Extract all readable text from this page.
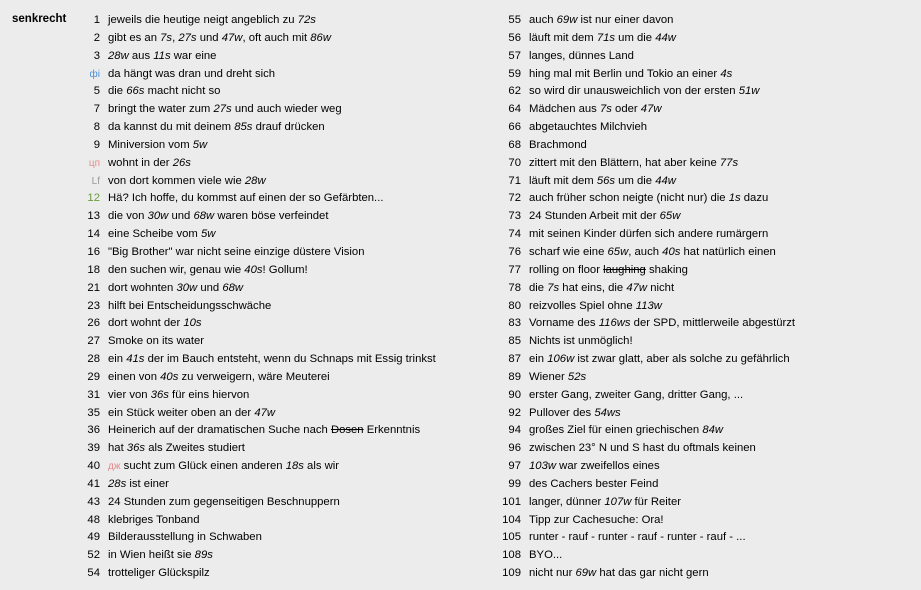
senkrecht	1 jeweils die heutige neigt angeblich zu 72s
2 gibt es an 7s, 27s und 47w, oft auch mit 86w
3 28w aus 11s war eine
фі da hängt was dran und dreht sich
5 die 66s macht nicht so
7 bringt the water zum 27s und auch wieder weg
8 da kannst du mit deinem 85s drauf drücken
9 Miniversion vom 5w
цп wohnt in der 26s
Lf von dort kommen viele wie 28w
12 Hä? Ich hoffe, du kommst auf einen der so Gefärbten...
13 die von 30w und 68w waren böse verfeindet
14 eine Scheibe vom 5w
16 "Big Brother" war nicht seine einzige düstere Vision
18 den suchen wir, genau wie 40s! Gollum!
21 dort wohnten 30w und 68w
23 hilft bei Entscheidungsschwäche
26 dort wohnt der 10s
27 Smoke on its water
28 ein 41s der im Bauch entsteht, wenn du Schnaps mit Essig trinkst
29 einen von 40s zu verweigern, wäre Meuterei
31 vier von 36s für eins hiervon
35 ein Stück weiter oben an der 47w
36 Heinerich auf der dramatischen Suche nach Dosen Erkenntnis
39 hat 36s als Zweites studiert
40 дж sucht zum Glück einen anderen 18s als wir
41 28s ist einer
43 24 Stunden zum gegenseitigen Beschnuppern
48 klebriges Tonband
49 Bilderausstellung in Schwaben
52 in Wien heißt sie 89s
54 trotteliger Glückspilz
55 auch 69w ist nur einer davon
56 läuft mit dem 71s um die 44w
57 langes, dünnes Land
59 hing mal mit Berlin und Tokio an einer 4s
62 so wird dir unausweichlich von der ersten 51w
64 Mädchen aus 7s oder 47w
66 abgetauchtes Milchvieh
68 Brachmond
70 zittert mit den Blättern, hat aber keine 77s
71 läuft mit dem 56s um die 44w
72 auch früher schon neigte (nicht nur) die 1s dazu
73 24 Stunden Arbeit mit der 65w
74 mit seinen Kinder dürfen sich andere rumärgern
76 scharf wie eine 65w, auch 40s hat natürlich einen
77 rolling on floor laughing shaking
78 die 7s hat eins, die 47w nicht
80 reizvolles Spiel ohne 113w
83 Vorname des 116ws der SPD, mittlerweile abgestürzt
85 Nichts ist unmöglich!
87 ein 106w ist zwar glatt, aber als solche zu gefährlich
89 Wiener 52s
90 erster Gang, zweiter Gang, dritter Gang, ...
92 Pullover des 54ws
94 großes Ziel für einen griechischen 84w
96 zwischen 23° N und S hast du oftmals keinen
97 103w war zweifellos eines
99 des Cachers bester Feind
101 langer, dünner 107w für Reiter
104 Tipp zur Cachesuche: Ora!
105 runter - rauf - runter - rauf - runter - rauf - ...
108 BYO...
109 nicht nur 69w hat das gar nicht gern
